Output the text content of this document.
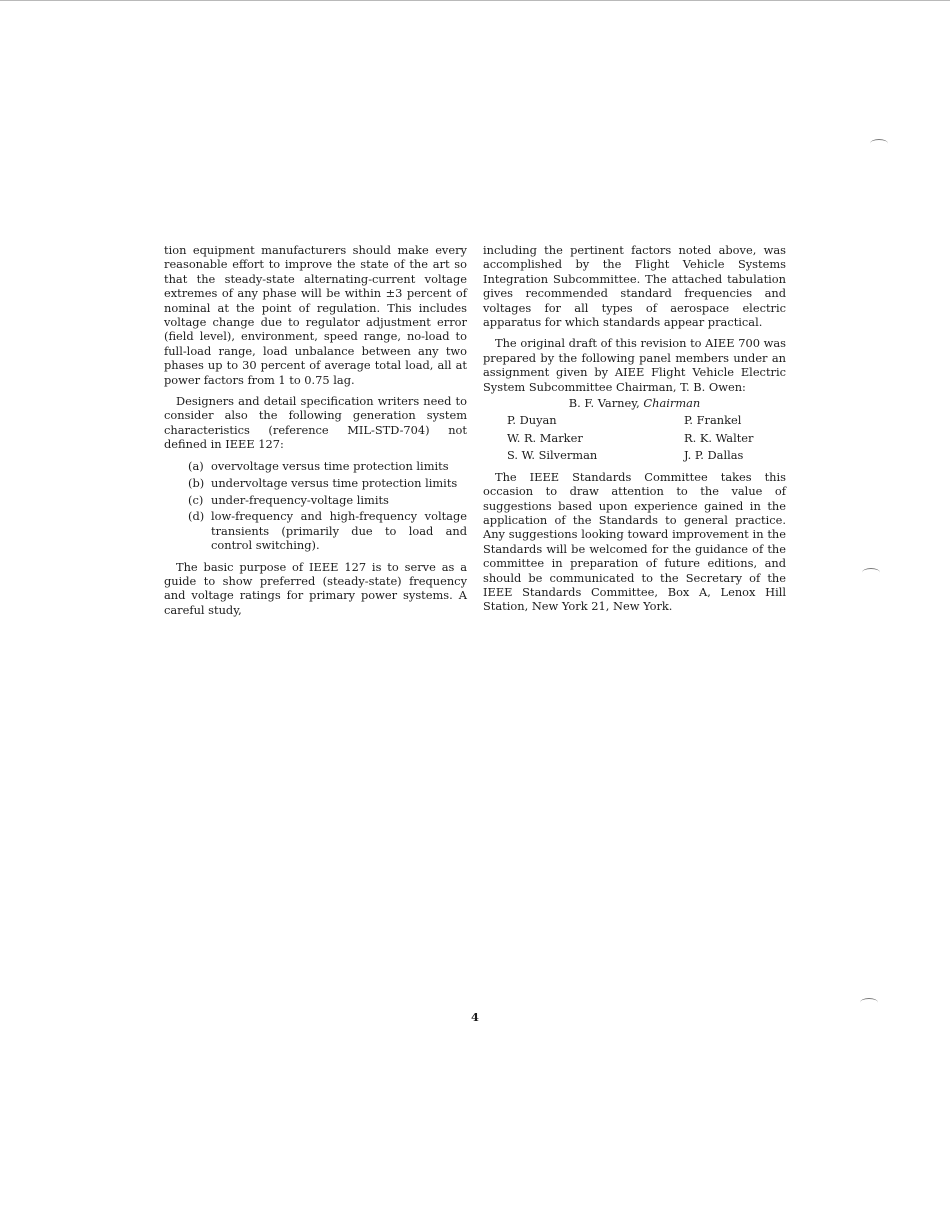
tion equipment manufacturers should make every reasonable effort to improve the state of the art so that the steady-state alternating-current voltage extremes of any phase will be within ±3 percent of nominal at the point of regulation. This includes voltage change due to regulator adjustment error (field level), environment, speed range, no-load to full-load range, load unbalance between any two phases up to 30 percent of average total load, all at power factors from 1 to 0.75 lag.

Designers and detail specification writers need to consider also the following generation system characteristics (reference MIL-STD-704) not defined in IEEE 127:

(a) overvoltage versus time protection limits
(b) undervoltage versus time protection limits
(c) under-frequency-voltage limits
(d) low-frequency and high-frequency voltage transients (primarily due to load and control switching).

The basic purpose of IEEE 127 is to serve as a guide to show preferred (steady-state) frequency and voltage ratings for primary power systems. A careful study,

including the pertinent factors noted above, was accomplished by the Flight Vehicle Systems Integration Subcommittee. The attached tabulation gives recommended standard frequencies and voltages for all types of aerospace electric apparatus for which standards appear practical.

The original draft of this revision to AIEE 700 was prepared by the following panel members under an assignment given by AIEE Flight Vehicle Electric System Subcommittee Chairman, T. B. Owen:

B. F. Varney, Chairman
P. Duyan	P. Frankel
W. R. Marker	R. K. Walter
S. W. Silverman	J. P. Dallas

The IEEE Standards Committee takes this occasion to draw attention to the value of suggestions based upon experience gained in the application of the Standards to general practice. Any suggestions looking toward improvement in the Standards will be welcomed for the guidance of the committee in preparation of future editions, and should be communicated to the Secretary of the IEEE Standards Committee, Box A, Lenox Hill Station, New York 21, New York.

4
